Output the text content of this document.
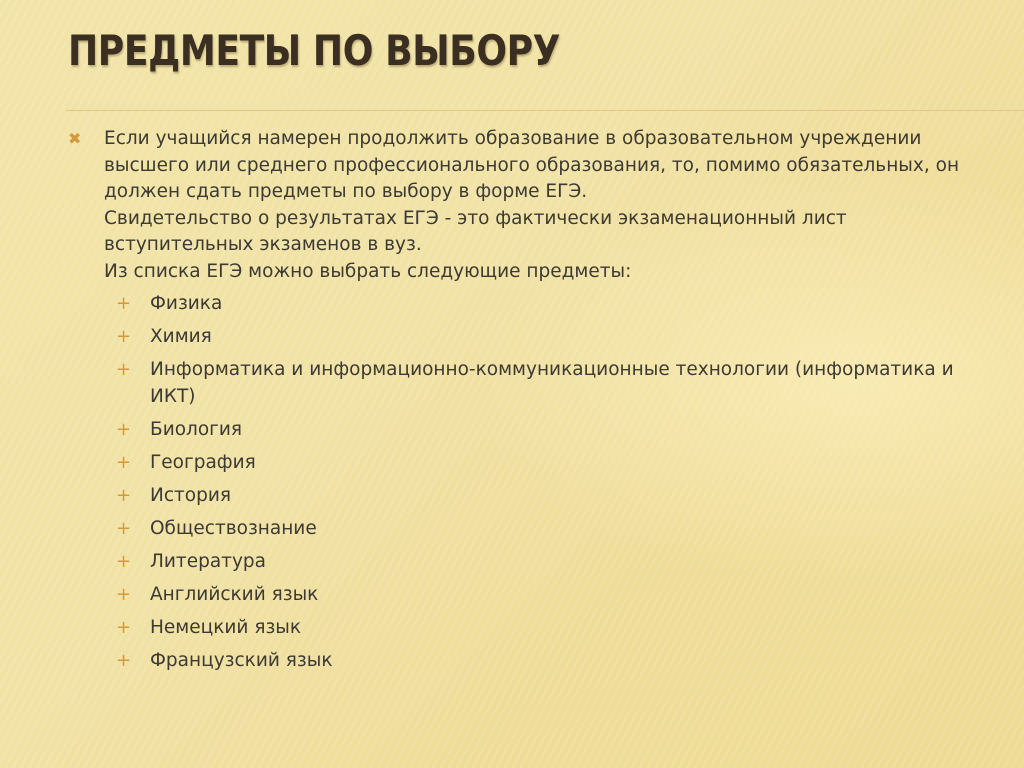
ПРЕДМЕТЫ ПО ВЫБОРУ
✖ Если учащийся намерен продолжить образование в образовательном учреждении

высшего или среднего профессионального образования, то, помимо обязательных, он

должен сдать предметы по выбору в форме ЕГЭ.

Свидетельство о результатах ЕГЭ - это фактически экзаменационный лист

вступительных экзаменов в вуз.

Из списка ЕГЭ можно выбрать следующие предметы:

+ Физика
+ Химия
+ Информатика и информационно-коммуникационные технологии (информатика и ИКТ)
+ Биология
+ География
+ История
+ Обществознание
+ Литература
+ Английский язык
+ Немецкий язык
+ Французский язык
